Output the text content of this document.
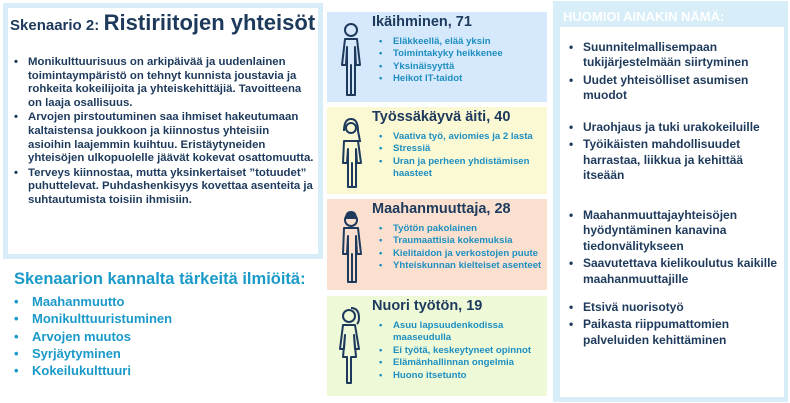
Skenaario 2: Ristiriitojen yhteisöt
• Monikulttuurisuus on arkipäivää ja uudenlainen toimintaympäristö on tehnyt kunnista joustavia ja rohkeita kokeilijoita ja yhteiskehittäjiä. Tavoitteena on laaja osallisuus.
• Arvojen pirstoutuminen saa ihmiset hakeutumaan kaltaistensa joukkoon ja kiinnostus yhteisiin asioihin laajemmin kuihtuu. Eristäytyneiden yhteisöjen ulkopuolelle jäävät kokevat osattomuutta.
• Terveys kiinnostaa, mutta yksinkertaiset ”totuudet” puhuttelevat. Puhdashenkisyys kovettaa asenteita ja suhtautumista toisiin ihmisiin.
Skenaarion kannalta tärkeitä ilmiöitä:
• Maahanmuutto
• Monikulttuuristuminen
• Arvojen muutos
• Syrjäytyminen
• Kokeilukulttuuri
Ikäihminen, 71
• Eläkkeellä, elää yksin
• Toimintakyky heikkenee
• Yksinäisyyttä
• Heikot IT-taidot
Työssäkäyvä äiti, 40
• Vaativa työ, aviomies ja 2 lasta
• Stressiä
• Uran ja perheen yhdistämisen haasteet
Maahanmuuttaja, 28
• Työtön pakolainen
• Traumaattisia kokemuksia
• Kielitaidon ja verkostojen puute
• Yhteiskunnan kielteiset asenteet
Nuori työtön, 19
• Asuu lapsuudenkodissa maaseudulla
• Ei työtä, keskeytyneet opinnot
• Elämänhallinnan ongelmia
• Huono itsetunto
HUOMIOI AINAKIN NÄMÄ:
• Suunnitelmallisempaan tukijärjestelmään siirtyminen
• Uudet yhteisölliset asumisen muodot
• Uraohjaus ja tuki urakokeiluille
• Työikäisten mahdollisuudet harrastaa, liikkua ja kehittää itseään
• Maahanmuuttajayhteisöjen hyödyntäminen kanavina tiedonvälitykseen
• Saavutettava kielikoulutus kaikille maahanmuuttajille
• Etsivä nuorisotyö
• Paikasta riippumattomien palveluiden kehittäminen
